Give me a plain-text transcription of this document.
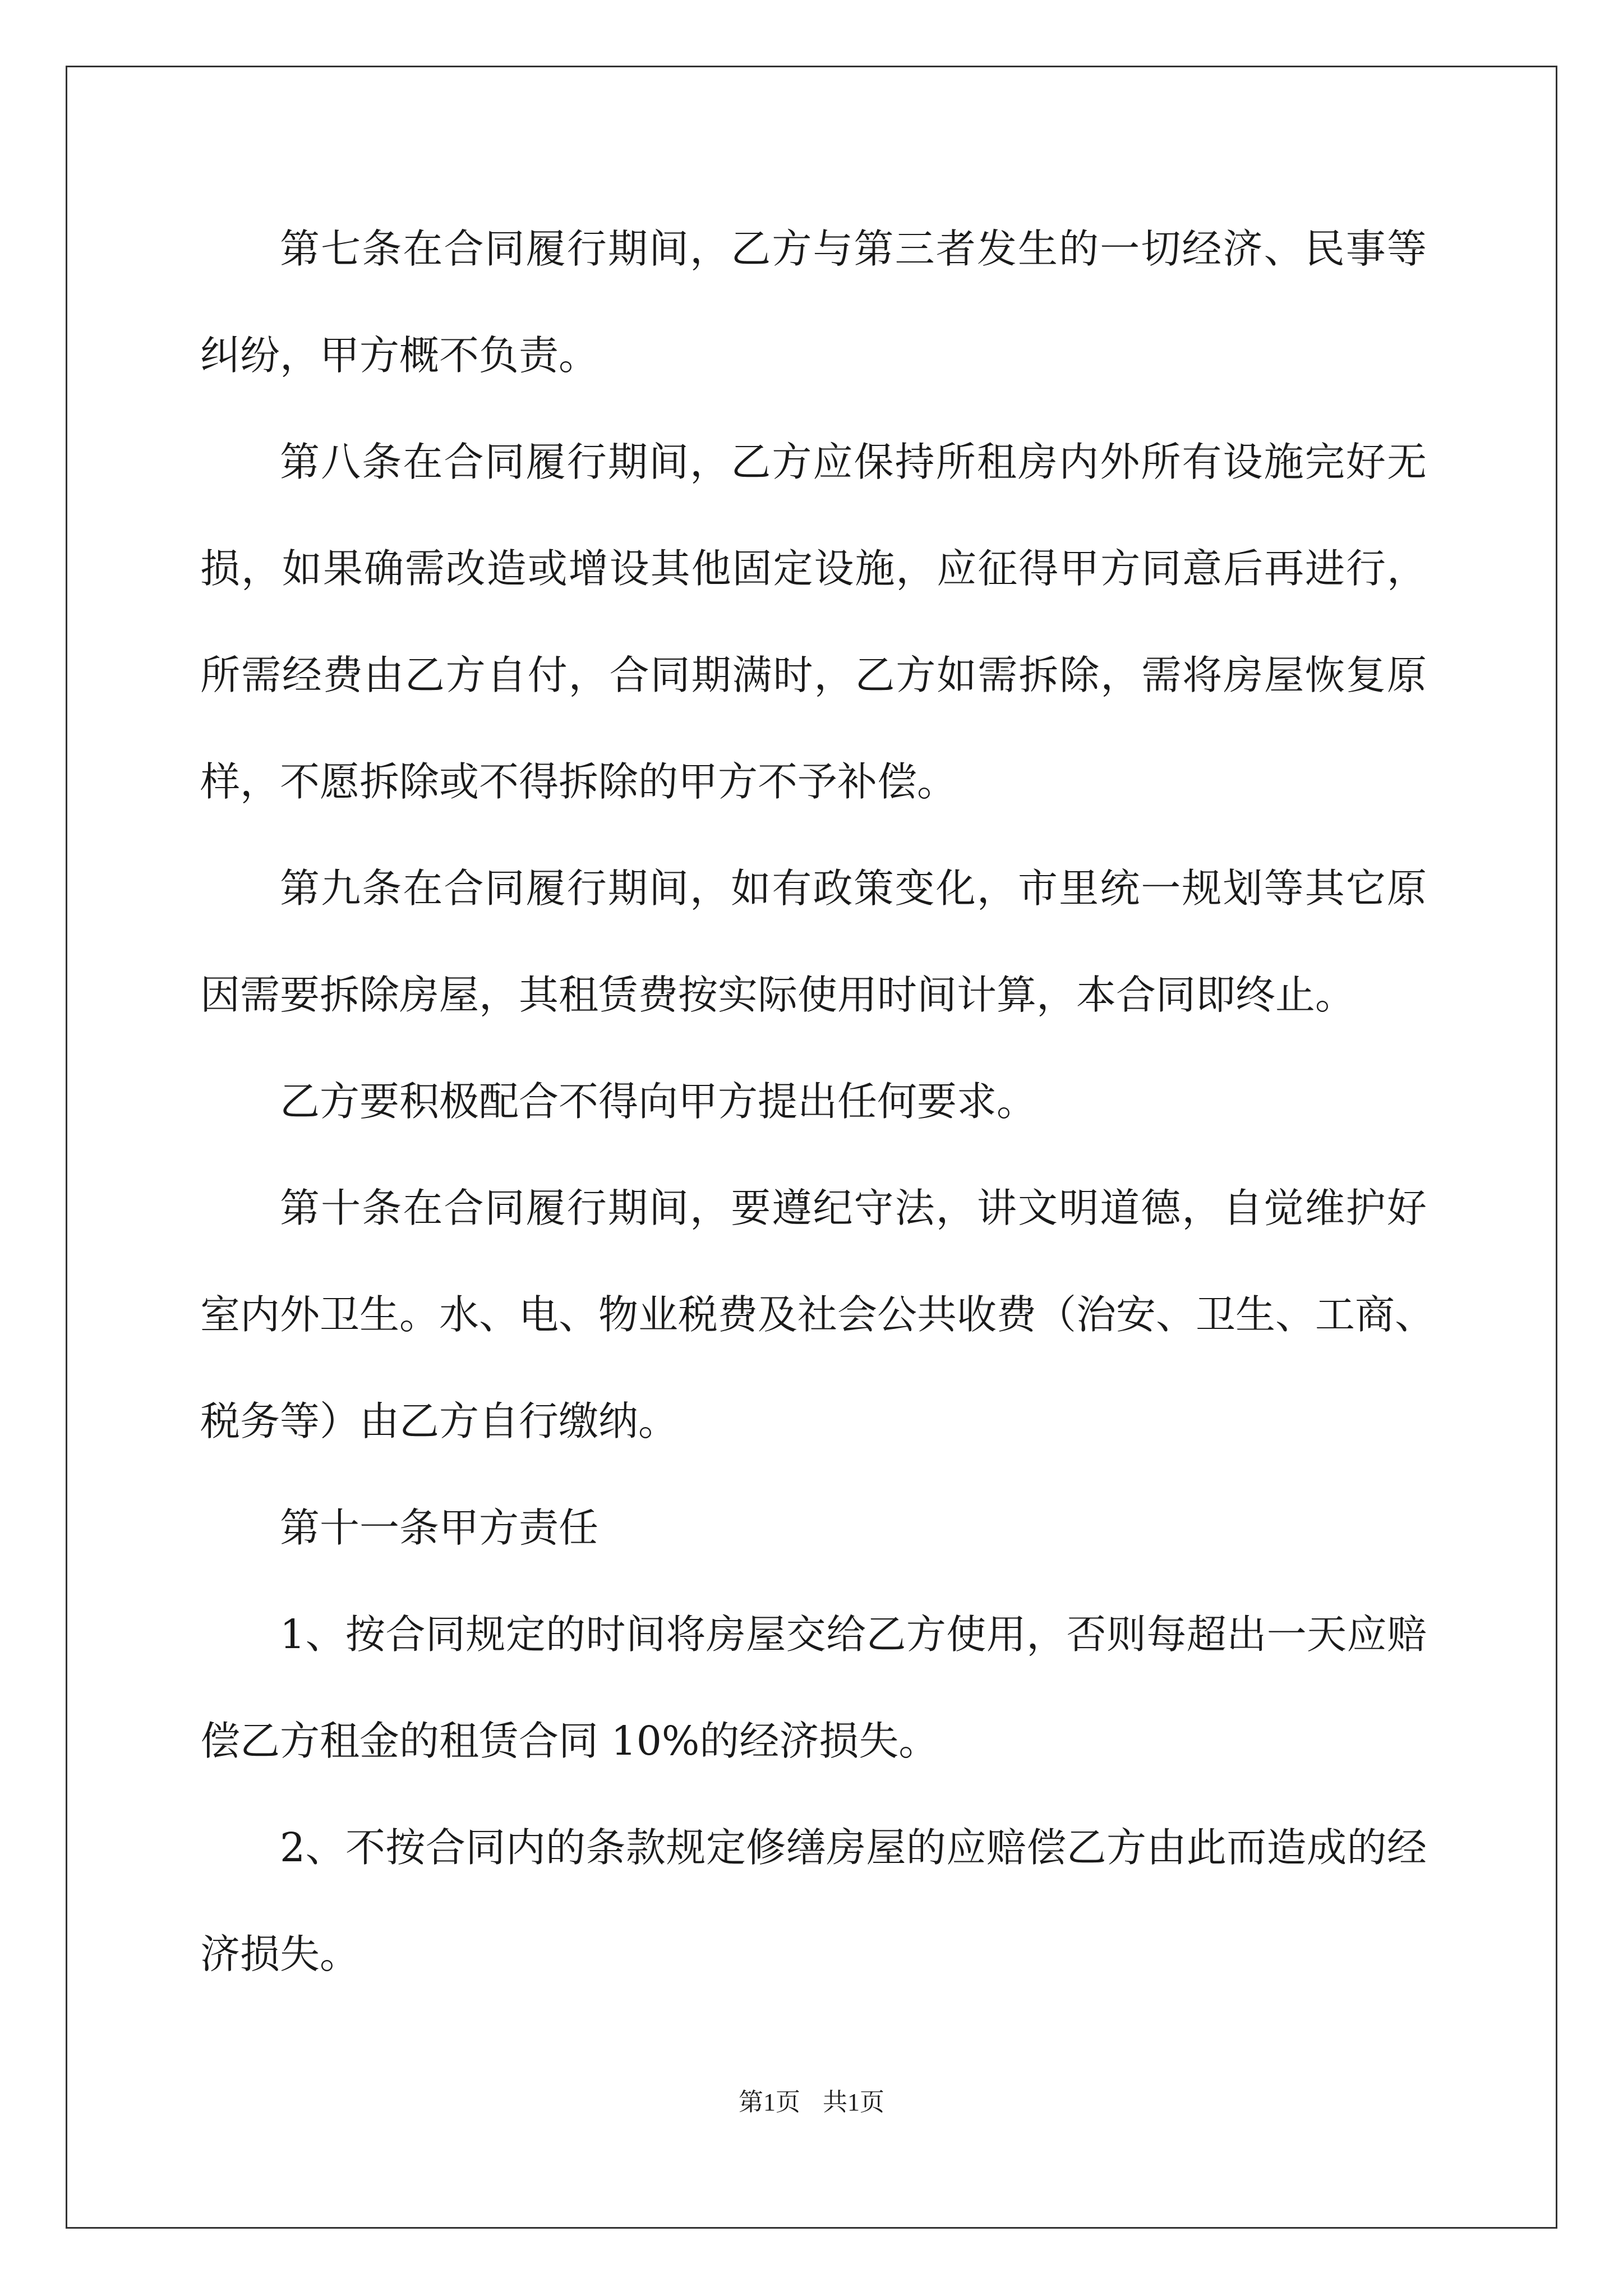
第七条在合同履行期间，乙方与第三者发生的一切经济、民事等
纠纷，甲方概不负责。
第八条在合同履行期间，乙方应保持所租房内外所有设施完好无
损，如果确需改造或增设其他固定设施，应征得甲方同意后再进行，
所需经费由乙方自付，合同期满时，乙方如需拆除，需将房屋恢复原
样，不愿拆除或不得拆除的甲方不予补偿。
第九条在合同履行期间，如有政策变化，市里统一规划等其它原
因需要拆除房屋，其租赁费按实际使用时间计算，本合同即终止。
乙方要积极配合不得向甲方提出任何要求。
第十条在合同履行期间，要遵纪守法，讲文明道德，自觉维护好
室内外卫生。水、电、物业税费及社会公共收费（治安、卫生、工商、
税务等）由乙方自行缴纳。
第十一条甲方责任
1、按合同规定的时间将房屋交给乙方使用，否则每超出一天应赔
偿乙方租金的租赁合同 10%的经济损失。
2、不按合同内的条款规定修缮房屋的应赔偿乙方由此而造成的经
济损失。
第1页 共1页
